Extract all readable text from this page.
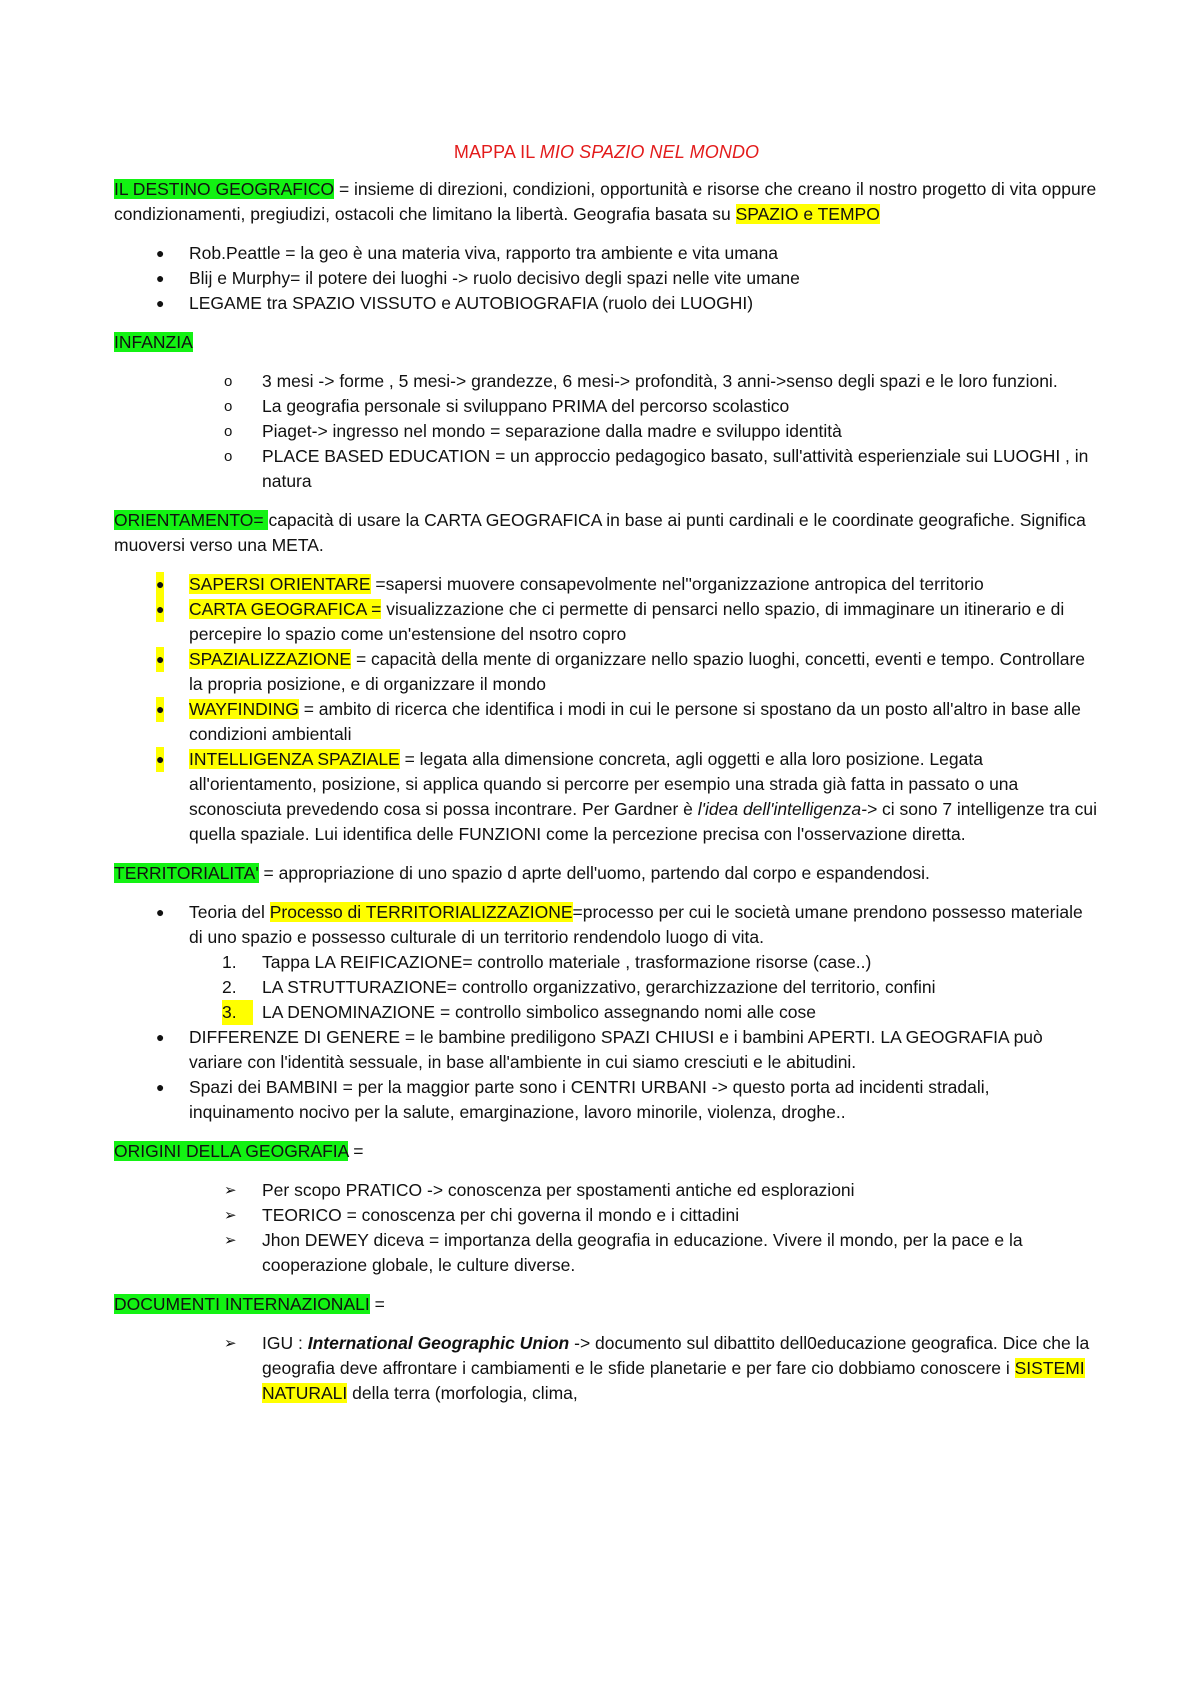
MAPPA IL MIO SPAZIO NEL MONDO

IL DESTINO GEOGRAFICO = insieme di direzioni, condizioni, opportunità e risorse che creano il nostro progetto di vita oppure condizionamenti, pregiudizi, ostacoli che limitano la libertà. Geografia basata su SPAZIO e TEMPO

● Rob.Peattle = la geo è una materia viva, rapporto tra ambiente e vita umana
● Blij e Murphy= il potere dei luoghi -> ruolo decisivo degli spazi nelle vite umane
● LEGAME tra SPAZIO VISSUTO e AUTOBIOGRAFIA (ruolo dei LUOGHI)

INFANZIA

o 3 mesi -> forme , 5 mesi-> grandezze, 6 mesi-> profondità, 3 anni->senso degli spazi e le loro funzioni.
o La geografia personale si sviluppano PRIMA del percorso scolastico
o Piaget-> ingresso nel mondo = separazione dalla madre e sviluppo identità
o PLACE BASED EDUCATION = un approccio pedagogico basato, sull'attività esperienziale sui LUOGHI , in natura

ORIENTAMENTO= capacità di usare la CARTA GEOGRAFICA in base ai punti cardinali e le coordinate geografiche. Significa muoversi verso una META.

● SAPERSI ORIENTARE =sapersi muovere consapevolmente nel''organizzazione antropica del territorio
● CARTA GEOGRAFICA = visualizzazione che ci permette di pensarci nello spazio, di immaginare un itinerario e di percepire lo spazio come un'estensione del nsotro copro
● SPAZIALIZZAZIONE = capacità della mente di organizzare nello spazio luoghi, concetti, eventi e tempo. Controllare la propria posizione, e di organizzare il mondo
● WAYFINDING = ambito di ricerca che identifica i modi in cui le persone si spostano da un posto all'altro in base alle condizioni ambientali
● INTELLIGENZA SPAZIALE = legata alla dimensione concreta, agli oggetti e alla loro posizione. Legata all'orientamento, posizione, si applica quando si percorre per esempio una strada già fatta in passato o una sconosciuta prevedendo cosa si possa incontrare. Per Gardner è l'idea dell'intelligenza-> ci sono 7 intelligenze tra cui quella spaziale. Lui identifica delle FUNZIONI come la percezione precisa con l'osservazione diretta.

TERRITORIALITA' = appropriazione di uno spazio d aprte dell'uomo, partendo dal corpo e espandendosi.

● Teoria del Processo di TERRITORIALIZZAZIONE=processo per cui le società umane prendono possesso materiale di uno spazio e possesso culturale di un territorio rendendolo luogo di vita.
1. Tappa LA REIFICAZIONE= controllo materiale , trasformazione risorse (case..)
2. LA STRUTTURAZIONE= controllo organizzativo, gerarchizzazione del territorio, confini
3.	LA DENOMINAZIONE = controllo simbolico assegnando nomi alle cose
● DIFFERENZE DI GENERE = le bambine prediligono SPAZI CHIUSI e i bambini APERTI. LA GEOGRAFIA può variare con l'identità sessuale, in base all'ambiente in cui siamo cresciuti e le abitudini.
● Spazi dei BAMBINI = per la maggior parte sono i CENTRI URBANI -> questo porta ad incidenti stradali, inquinamento nocivo per la salute, emarginazione, lavoro minorile, violenza, droghe..

ORIGINI DELLA GEOGRAFIA =

➢ Per scopo PRATICO -> conoscenza per spostamenti antiche ed esplorazioni
➢ TEORICO = conoscenza per chi governa il mondo e i cittadini
➢ Jhon DEWEY diceva = importanza della geografia in educazione. Vivere il mondo, per la pace e la cooperazione globale, le culture diverse.

DOCUMENTI INTERNAZIONALI =

➢ IGU : International Geographic Union -> documento sul dibattito dell0educazione geografica. Dice che la geografia deve affrontare i cambiamenti e le sfide planetarie e per fare cio dobbiamo conoscere i SISTEMI NATURALI della terra (morfologia, clima,
